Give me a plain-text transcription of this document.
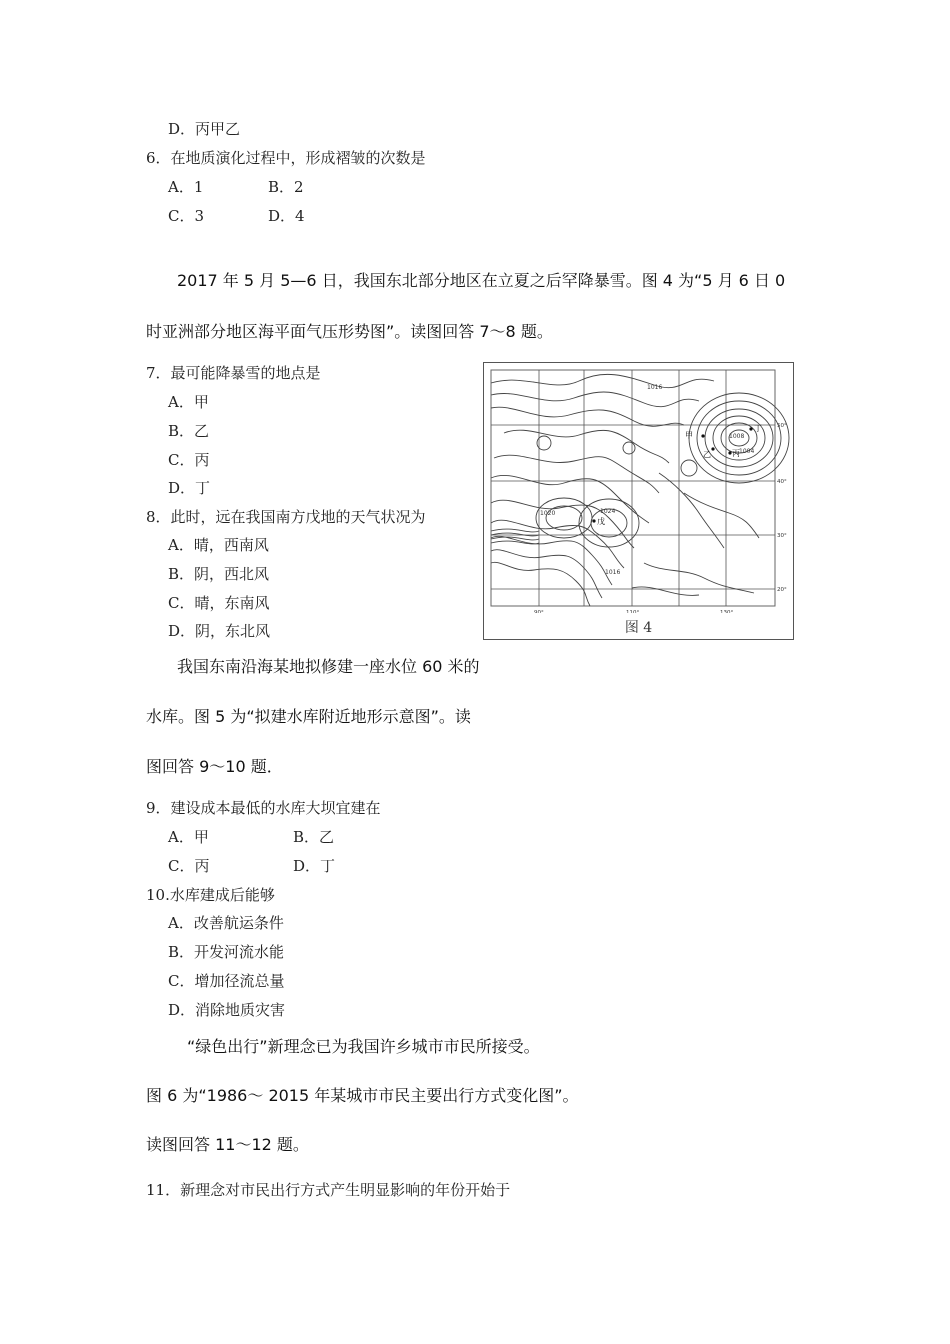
D．丙甲乙
6．在地质演化过程中，形成褶皱的次数是
A．1	B．2
C．3	D．4
2017 年 5 月 5—6 日，我国东北部分地区在立夏之后罕降暴雪。图 4 为“5 月 6 日 0
时亚洲部分地区海平面气压形势图”。读图回答 7～8 题。
7．最可能降暴雪的地点是
A．甲
B．乙
C．丙
D．丁
8．此时，远在我国南方戊地的天气状况为
A．晴，西南风
B．阴，西北风
C．晴，东南风
D．阴，东北风
1016
1020	1024
1016
1004
1008
甲
乙	丙
丁
戊
50°
40°
30°
20°
90°	110°	130°
图 4
我国东南沿海某地拟修建一座水位 60 米的
水库。图 5 为“拟建水库附近地形示意图”。读
图回答 9～10 题．
9．建设成本最低的水库大坝宜建在
A．甲	B．乙
C．丙	D．丁
10.水库建成后能够
A．改善航运条件
B．开发河流水能
C．增加径流总量
D．消除地质灾害
“绿色出行”新理念已为我国许乡城市市民所接受。
图 6 为“1986～ 2015 年某城市市民主要出行方式变化图”。
读图回答 11～12 题。
11．新理念对市民出行方式产生明显影响的年份开始于
